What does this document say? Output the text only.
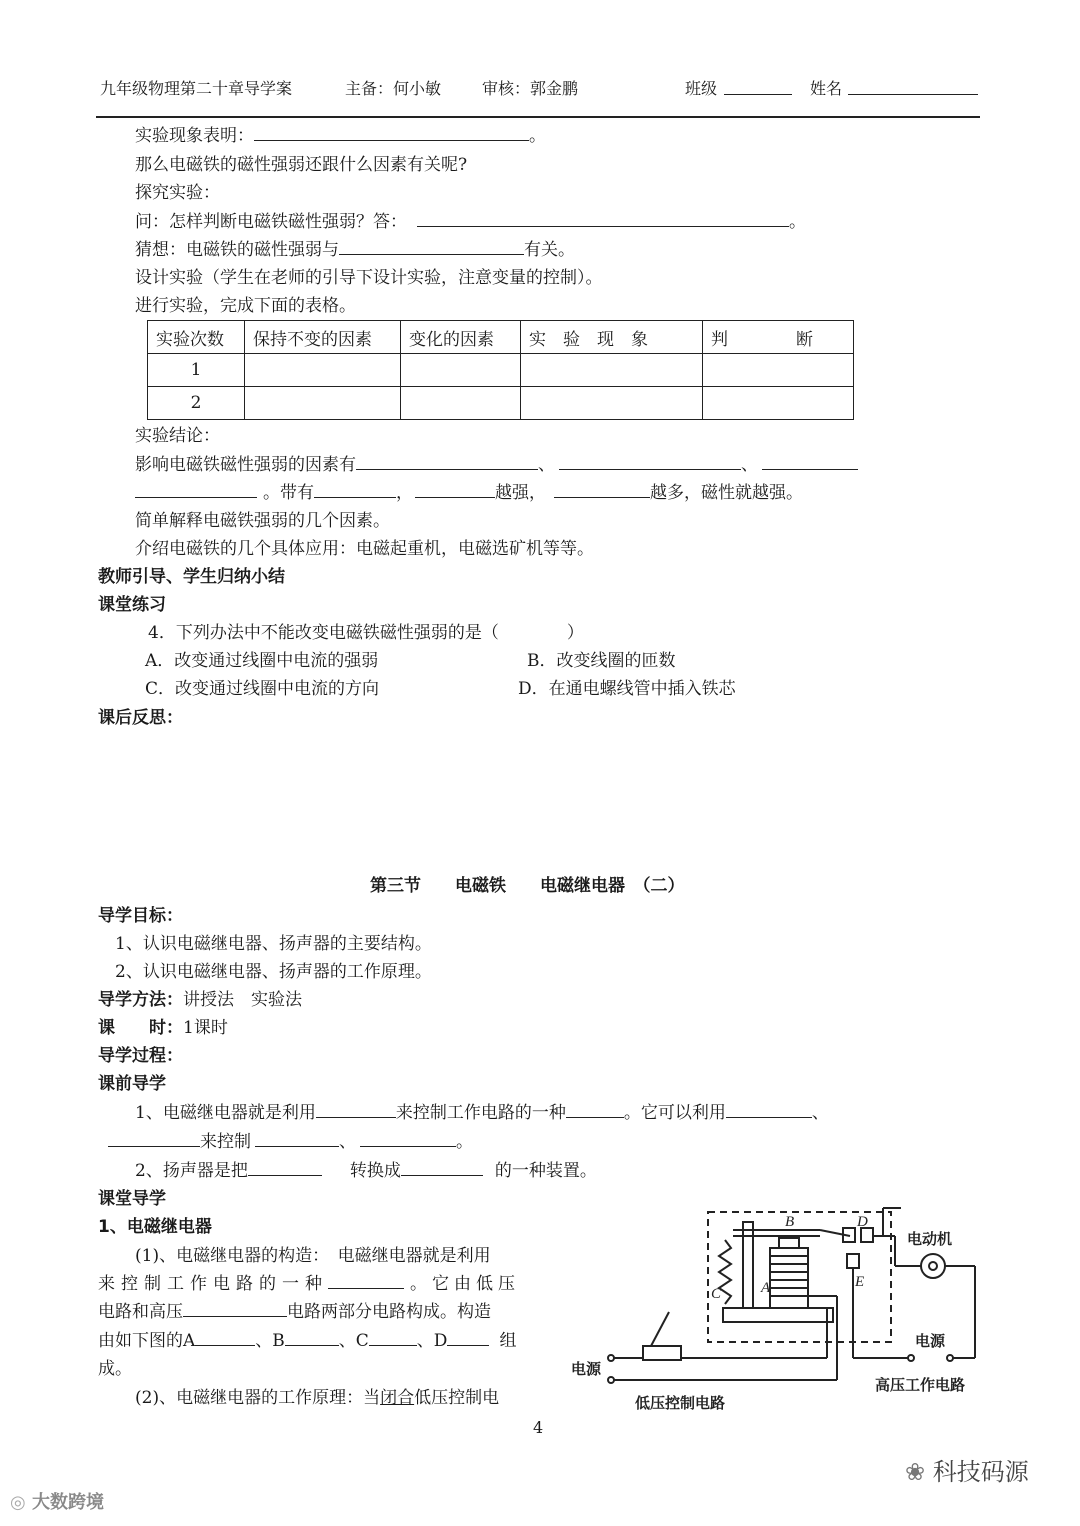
九年级物理第二十章导学案	主备：何小敏	审核：郭金鹏	班级	姓名
实验现象表明：	。
那么电磁铁的磁性强弱还跟什么因素有关呢?
探究实验：
问：怎样判断电磁铁磁性强弱？答：	。
猜想：电磁铁的磁性强弱与	有关。
设计实验（学生在老师的引导下设计实验，注意变量的控制）。
进行实验，完成下面的表格。
实验次数	保持不变的因素	变化的因素	实　验　现　象	判　　　　断
1				
2				
实验结论：
影响电磁铁磁性强弱的因素有	、	、
。带有	，	越强，	越多，磁性就越强。
简单解释电磁铁强弱的几个因素。
介绍电磁铁的几个具体应用：电磁起重机，电磁选矿机等等。
教师引导、学生归纳小结
课堂练习
4．下列办法中不能改变电磁铁磁性强弱的是（　　　　）
A．改变通过线圈中电流的强弱	B．改变线圈的匝数
C．改变通过线圈中电流的方向	D．在通电螺线管中插入铁芯
课后反思：
第三节　　电磁铁　　电磁继电器　（二）
导学目标：
1、认识电磁继电器、扬声器的主要结构。
2、认识电磁继电器、扬声器的工作原理。
导学方法：讲授法　实验法
课　　时：1课时
导学过程：
课前导学
1、电磁继电器就是利用	来控制工作电路的一种	。它可以利用	、
来控制	、	。
2、扬声器是把	转换成	的一种装置。
课堂导学
1、电磁继电器
(1)、电磁继电器的构造：　电磁继电器就是利用
来控制工作电路的一种	。它由低压
电路和高压	电路两部分电路构成。构造
由如下图的A	、B	、C	、D	组
成。
(2)、电磁继电器的工作原理：当闭合低压控制电
B	D
A
C
E
电动机
电源
电源
低压控制电路
高压工作电路
4
◎ 大数跨境
❀ 科技码源
